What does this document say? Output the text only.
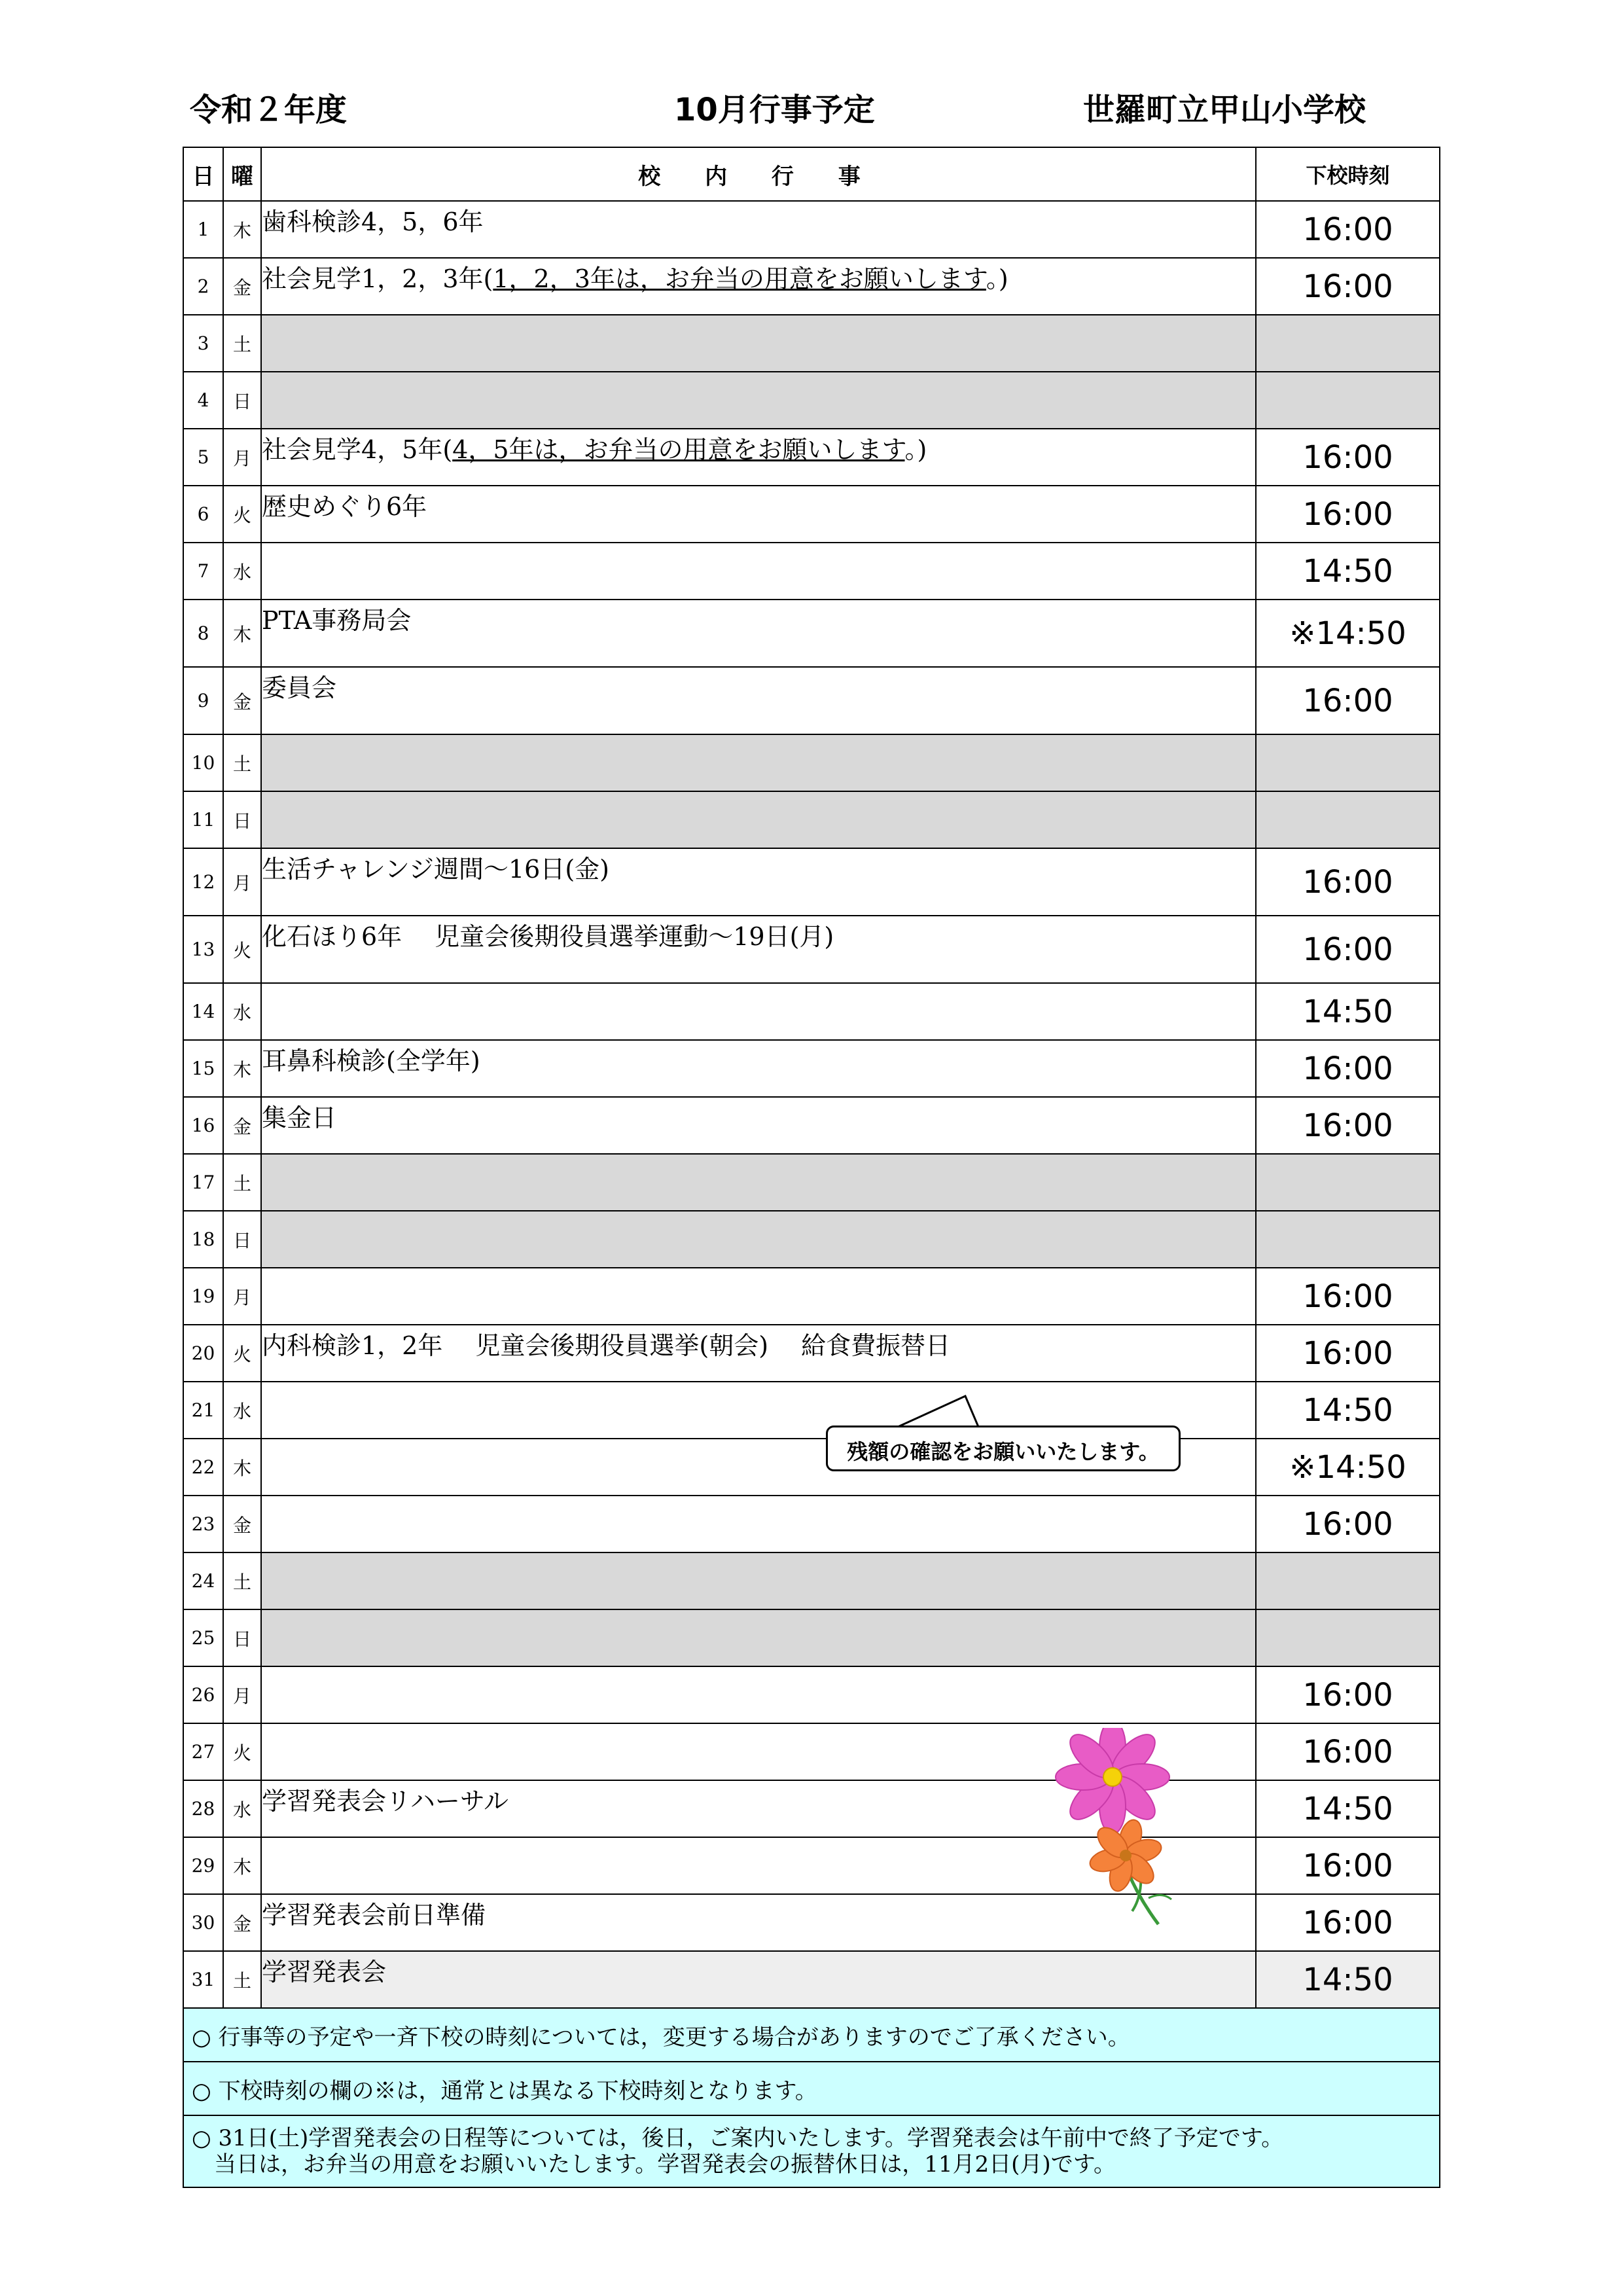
令和２年度	10月行事予定	世羅町立甲山小学校
日	曜	校 内 行 事	下校時刻
1	木	歯科検診4，5，6年	16:00
2	金	社会見学1，2，3年(1，2，3年は，お弁当の用意をお願いします。)	16:00
3	土		
4	日		
5	月	社会見学4，5年(4，5年は，お弁当の用意をお願いします。)	16:00
6	火	歴史めぐり6年	16:00
7	水		14:50
8	木	PTA事務局会	※14:50
9	金	委員会	16:00
10	土		
11	日		
12	月	生活チャレンジ週間～16日(金)	16:00
13	火	化石ほり6年　 児童会後期役員選挙運動～19日(月)	16:00
14	水		14:50
15	木	耳鼻科検診(全学年)	16:00
16	金	集金日	16:00
17	土		
18	日		
19	月		16:00
20	火	内科検診1，2年　 児童会後期役員選挙(朝会)　 給食費振替日	16:00
21	水		14:50
22	木		※14:50
23	金		16:00
24	土		
25	日		
26	月		16:00
27	火		16:00
28	水	学習発表会リハーサル	14:50
29	木		16:00
30	金	学習発表会前日準備	16:00
31	土	学習発表会	14:50
○ 行事等の予定や一斉下校の時刻については，変更する場合がありますのでご了承ください。			
○ 下校時刻の欄の※は，通常とは異なる下校時刻となります。			
○ 31日(土)学習発表会の日程等については，後日，ご案内いたします。学習発表会は午前中で終了予定です。
　当日は，お弁当の用意をお願いいたします。学習発表会の振替休日は，11月2日(月)です。			
残額の確認をお願いいたします。
